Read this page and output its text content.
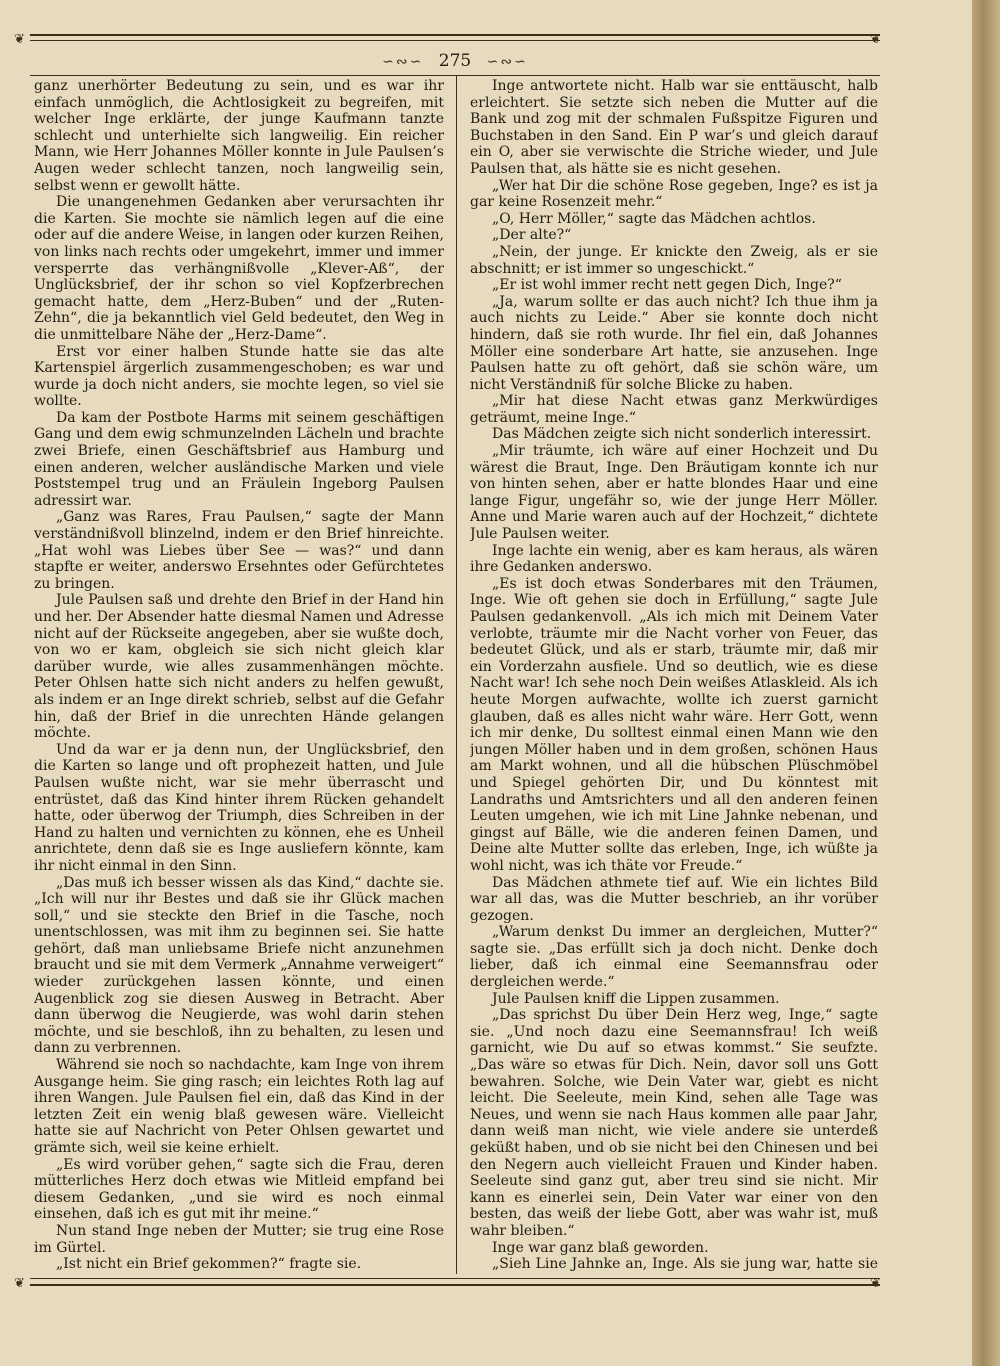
❦	❦
∽∾∽ 275 ∽∾∽

ganz unerhörter Bedeutung zu sein, und es war ihr einfach unmöglich, die Achtlosigkeit zu begreifen, mit welcher Inge erklärte, der junge Kaufmann tanzte schlecht und unterhielte sich langweilig. Ein reicher Mann, wie Herr Johannes Möller konnte in Jule Paulsen’s Augen weder schlecht tanzen, noch langweilig sein, selbst wenn er gewollt hätte.

Die unangenehmen Gedanken aber verursachten ihr die Karten. Sie mochte sie nämlich legen auf die eine oder auf die andere Weise, in langen oder kurzen Reihen, von links nach rechts oder umgekehrt, immer und immer versperrte das verhängnißvolle „Klever-Aß“, der Unglücksbrief, der ihr schon so viel Kopfzerbrechen gemacht hatte, dem „Herz-Buben“ und der „Ruten-Zehn“, die ja bekanntlich viel Geld bedeutet, den Weg in die unmittelbare Nähe der „Herz-Dame“.

Erst vor einer halben Stunde hatte sie das alte Kartenspiel ärgerlich zusammengeschoben; es war und wurde ja doch nicht anders, sie mochte legen, so viel sie wollte.

Da kam der Postbote Harms mit seinem geschäftigen Gang und dem ewig schmunzelnden Lächeln und brachte zwei Briefe, einen Geschäftsbrief aus Hamburg und einen anderen, welcher ausländische Marken und viele Poststempel trug und an Fräulein Ingeborg Paulsen adressirt war.

„Ganz was Rares, Frau Paulsen,“ sagte der Mann verständnißvoll blinzelnd, indem er den Brief hinreichte. „Hat wohl was Liebes über See — was?“ und dann stapfte er weiter, anderswo Ersehntes oder Gefürchtetes zu bringen.

Jule Paulsen saß und drehte den Brief in der Hand hin und her. Der Absender hatte diesmal Namen und Adresse nicht auf der Rückseite angegeben, aber sie wußte doch, von wo er kam, obgleich sie sich nicht gleich klar darüber wurde, wie alles zusammenhängen möchte. Peter Ohlsen hatte sich nicht anders zu helfen gewußt, als indem er an Inge direkt schrieb, selbst auf die Gefahr hin, daß der Brief in die unrechten Hände gelangen möchte.

Und da war er ja denn nun, der Unglücksbrief, den die Karten so lange und oft prophezeit hatten, und Jule Paulsen wußte nicht, war sie mehr überrascht und entrüstet, daß das Kind hinter ihrem Rücken gehandelt hatte, oder überwog der Triumph, dies Schreiben in der Hand zu halten und vernichten zu können, ehe es Unheil anrichtete, denn daß sie es Inge ausliefern könnte, kam ihr nicht einmal in den Sinn.

„Das muß ich besser wissen als das Kind,“ dachte sie. „Ich will nur ihr Bestes und daß sie ihr Glück machen soll,“ und sie steckte den Brief in die Tasche, noch unentschlossen, was mit ihm zu beginnen sei. Sie hatte gehört, daß man unliebsame Briefe nicht anzunehmen braucht und sie mit dem Vermerk „Annahme verweigert“ wieder zurückgehen lassen könnte, und einen Augenblick zog sie diesen Ausweg in Betracht. Aber dann überwog die Neugierde, was wohl darin stehen möchte, und sie beschloß, ihn zu behalten, zu lesen und dann zu verbrennen.

Während sie noch so nachdachte, kam Inge von ihrem Ausgange heim. Sie ging rasch; ein leichtes Roth lag auf ihren Wangen. Jule Paulsen fiel ein, daß das Kind in der letzten Zeit ein wenig blaß gewesen wäre. Vielleicht hatte sie auf Nachricht von Peter Ohlsen gewartet und grämte sich, weil sie keine erhielt.

„Es wird vorüber gehen,“ sagte sich die Frau, deren mütterliches Herz doch etwas wie Mitleid empfand bei diesem Gedanken, „und sie wird es noch einmal einsehen, daß ich es gut mit ihr meine.“

Nun stand Inge neben der Mutter; sie trug eine Rose im Gürtel.

„Ist nicht ein Brief gekommen?“ fragte sie.

Inge antwortete nicht. Halb war sie enttäuscht, halb erleichtert. Sie setzte sich neben die Mutter auf die Bank und zog mit der schmalen Fußspitze Figuren und Buchstaben in den Sand. Ein P war’s und gleich darauf ein O, aber sie verwischte die Striche wieder, und Jule Paulsen that, als hätte sie es nicht gesehen.

„Wer hat Dir die schöne Rose gegeben, Inge? es ist ja gar keine Rosenzeit mehr.“

„O, Herr Möller,“ sagte das Mädchen achtlos.

„Der alte?“

„Nein, der junge. Er knickte den Zweig, als er sie abschnitt; er ist immer so ungeschickt.“

„Er ist wohl immer recht nett gegen Dich, Inge?“

„Ja, warum sollte er das auch nicht? Ich thue ihm ja auch nichts zu Leide.“ Aber sie konnte doch nicht hindern, daß sie roth wurde. Ihr fiel ein, daß Johannes Möller eine sonderbare Art hatte, sie anzusehen. Inge Paulsen hatte zu oft gehört, daß sie schön wäre, um nicht Verständniß für solche Blicke zu haben.

„Mir hat diese Nacht etwas ganz Merkwürdiges geträumt, meine Inge.“

Das Mädchen zeigte sich nicht sonderlich interessirt.

„Mir träumte, ich wäre auf einer Hochzeit und Du wärest die Braut, Inge. Den Bräutigam konnte ich nur von hinten sehen, aber er hatte blondes Haar und eine lange Figur, ungefähr so, wie der junge Herr Möller. Anne und Marie waren auch auf der Hochzeit,“ dichtete Jule Paulsen weiter.

Inge lachte ein wenig, aber es kam heraus, als wären ihre Gedanken anderswo.

„Es ist doch etwas Sonderbares mit den Träumen, Inge. Wie oft gehen sie doch in Erfüllung,“ sagte Jule Paulsen gedankenvoll. „Als ich mich mit Deinem Vater verlobte, träumte mir die Nacht vorher von Feuer, das bedeutet Glück, und als er starb, träumte mir, daß mir ein Vorderzahn ausfiele. Und so deutlich, wie es diese Nacht war! Ich sehe noch Dein weißes Atlaskleid. Als ich heute Morgen aufwachte, wollte ich zuerst garnicht glauben, daß es alles nicht wahr wäre. Herr Gott, wenn ich mir denke, Du solltest einmal einen Mann wie den jungen Möller haben und in dem großen, schönen Haus am Markt wohnen, und all die hübschen Plüschmöbel und Spiegel gehörten Dir, und Du könntest mit Landraths und Amtsrichters und all den anderen feinen Leuten umgehen, wie ich mit Line Jahnke nebenan, und gingst auf Bälle, wie die anderen feinen Damen, und Deine alte Mutter sollte das erleben, Inge, ich wüßte ja wohl nicht, was ich thäte vor Freude.“

Das Mädchen athmete tief auf. Wie ein lichtes Bild war all das, was die Mutter beschrieb, an ihr vorüber gezogen.

„Warum denkst Du immer an dergleichen, Mutter?“ sagte sie. „Das erfüllt sich ja doch nicht. Denke doch lieber, daß ich einmal eine Seemannsfrau oder dergleichen werde.“

Jule Paulsen kniff die Lippen zusammen.

„Das sprichst Du über Dein Herz weg, Inge,“ sagte sie. „Und noch dazu eine Seemannsfrau! Ich weiß garnicht, wie Du auf so etwas kommst.“ Sie seufzte. „Das wäre so etwas für Dich. Nein, davor soll uns Gott bewahren. Solche, wie Dein Vater war, giebt es nicht leicht. Die Seeleute, mein Kind, sehen alle Tage was Neues, und wenn sie nach Haus kommen alle paar Jahr, dann weiß man nicht, wie viele andere sie unterdeß geküßt haben, und ob sie nicht bei den Chinesen und bei den Negern auch vielleicht Frauen und Kinder haben. Seeleute sind ganz gut, aber treu sind sie nicht. Mir kann es einerlei sein, Dein Vater war einer von den besten, das weiß der liebe Gott, aber was wahr ist, muß wahr bleiben.“

Inge war ganz blaß geworden.

„Sieh Line Jahnke an, Inge. Als sie jung war, hatte sie

❦	❦
